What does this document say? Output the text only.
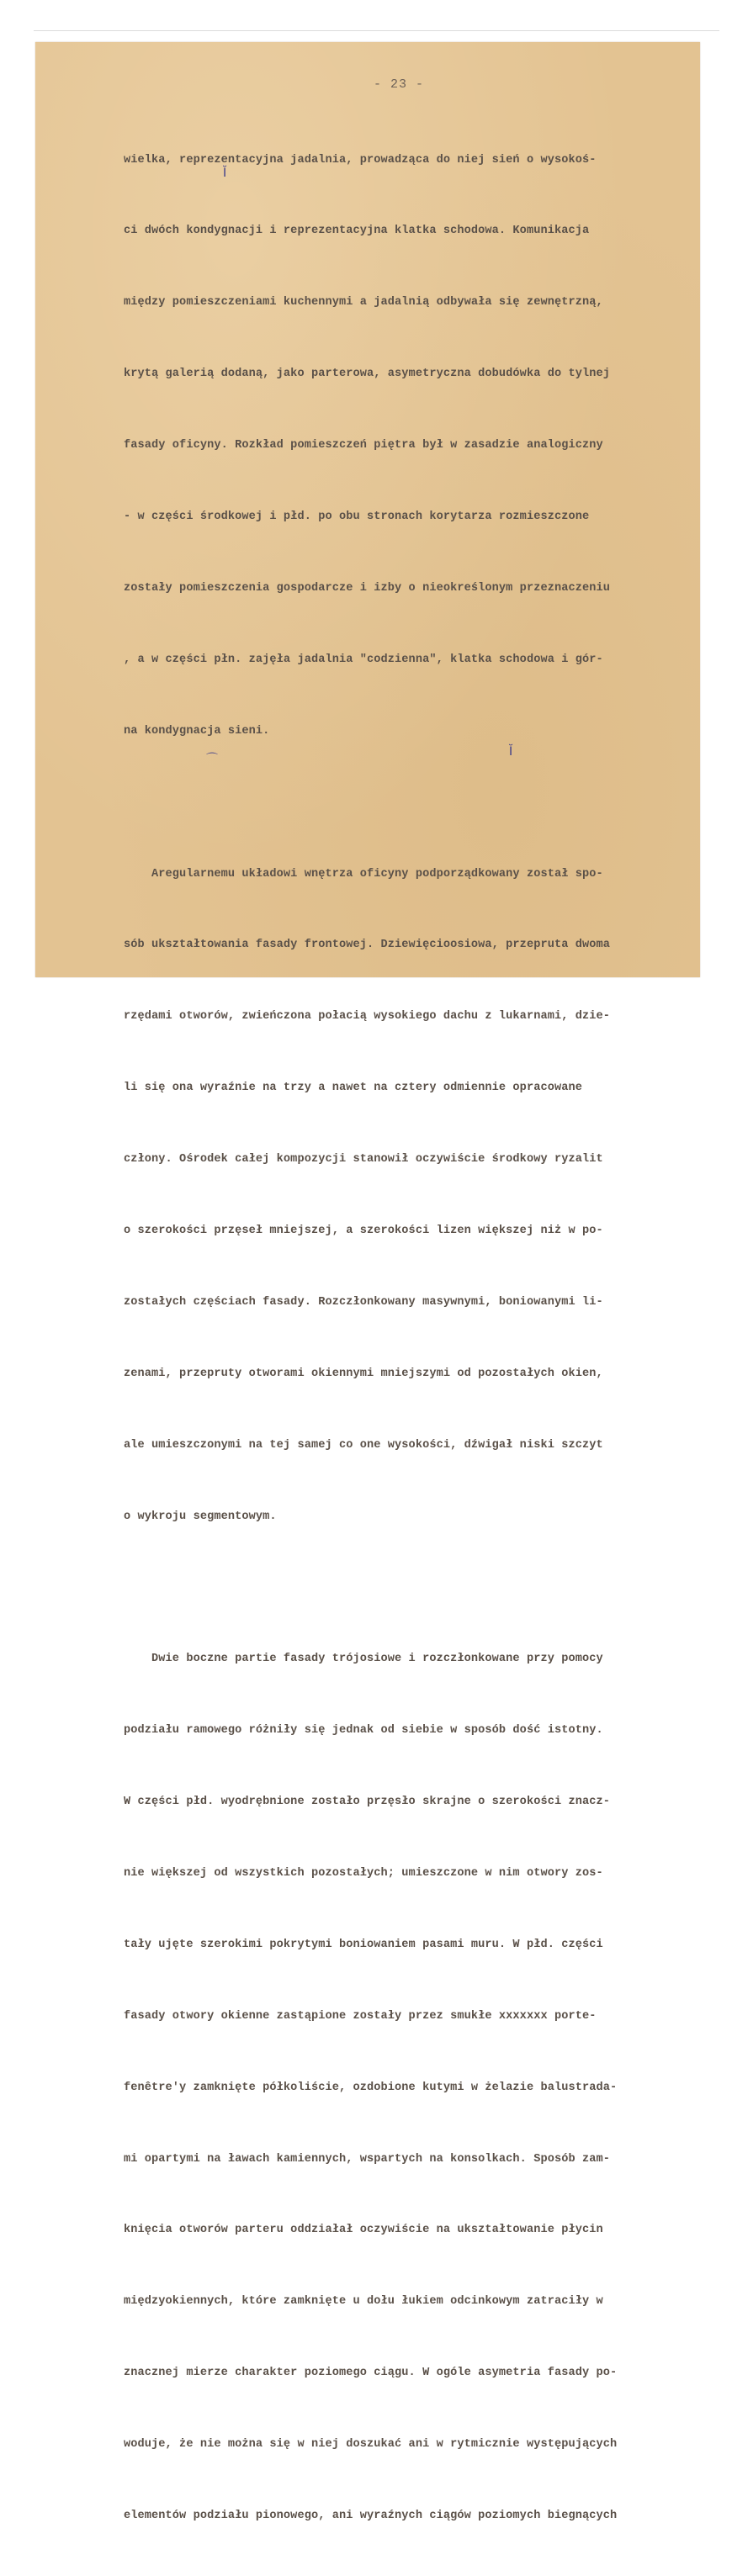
- 23 -

wielka, reprezentacyjna jadalnia, prowadząca do niej sień o wysokoś-

ci dwóch kondygnacji i reprezentacyjna klatka schodowa. Komunikacja

między pomieszczeniami kuchennymi a jadalnią odbywała się zewnętrzną,

krytą galerią dodaną, jako parterowa, asymetryczna dobudówka do tylnej

fasady oficyny. Rozkład pomieszczeń piętra był w zasadzie analogiczny

- w części środkowej i płd. po obu stronach korytarza rozmieszczone

zostały pomieszczenia gospodarcze i izby o nieokreślonym przeznaczeniu

, a w części płn. zajęła jadalnia "codzienna", klatka schodowa i gór-

na kondygnacja sieni.

Aregularnemu układowi wnętrza oficyny podporządkowany został spo-

sób ukształtowania fasady frontowej. Dziewięcioosiowa, przepruta dwoma

rzędami otworów, zwieńczona połacią wysokiego dachu z lukarnami, dzie-

li się ona wyraźnie na trzy a nawet na cztery odmiennie opracowane

człony. Ośrodek całej kompozycji stanowił oczywiście środkowy ryzalit

o szerokości przęseł mniejszej, a szerokości lizen większej niż w po-

zostałych częściach fasady. Rozczłonkowany masywnymi, boniowanymi li-

zenami, przepruty otworami okiennymi mniejszymi od pozostałych okien,

ale umieszczonymi na tej samej co one wysokości, dźwigał niski szczyt

o wykroju segmentowym.

Dwie boczne partie fasady trójosiowe i rozczłonkowane przy pomocy

podziału ramowego różniły się jednak od siebie w sposób dość istotny.

W części płd. wyodrębnione zostało przęsło skrajne o szerokości znacz-

nie większej od wszystkich pozostałych; umieszczone w nim otwory zos-

tały ujęte szerokimi pokrytymi boniowaniem pasami muru. W płd. części

fasady otwory okienne zastąpione zostały przez smukłe xxxxxxx porte-

fenêtre'y zamknięte półkoliście, ozdobione kutymi w żelazie balustrada-

mi opartymi na ławach kamiennych, wspartych na konsolkach. Sposób zam-

knięcia otworów parteru oddziałał oczywiście na ukształtowanie płycin

międzyokiennych, które zamknięte u dołu łukiem odcinkowym zatraciły w

znacznej mierze charakter poziomego ciągu. W ogóle asymetria fasady po-

woduje, że nie można się w niej doszukać ani w rytmicznie występujących

elementów podziału pionowego, ani wyraźnych ciągów poziomych biegnących

Ĭ
Ĭ
⌒
